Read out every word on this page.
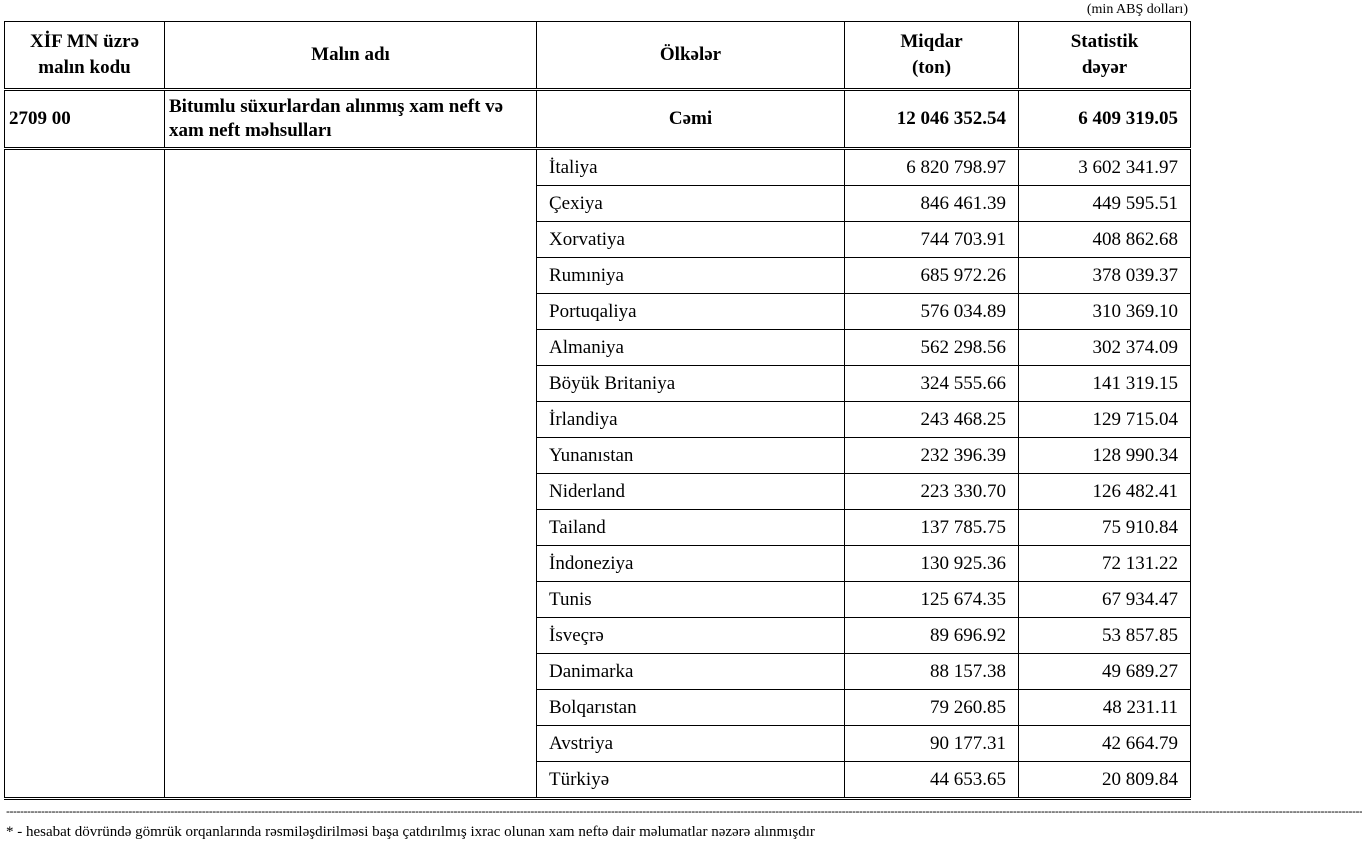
(min ABŞ dolları)
XİF MN üzrə malın kodu	Malın adı	Ölkələr	Miqdar (ton)	Statistik dəyər

2709 00	Bitumlu süxurlardan alınmış xam neft və xam neft məhsulları	Cəmi	12 046 352.54	6 409 319.05
		İtaliya	6 820 798.97	3 602 341.97
		Çexiya	846 461.39	449 595.51
		Xorvatiya	744 703.91	408 862.68
		Rumıniya	685 972.26	378 039.37
		Portuqaliya	576 034.89	310 369.10
		Almaniya	562 298.56	302 374.09
		Böyük Britaniya	324 555.66	141 319.15
		İrlandiya	243 468.25	129 715.04
		Yunanıstan	232 396.39	128 990.34
		Niderland	223 330.70	126 482.41
		Tailand	137 785.75	75 910.84
		İndoneziya	130 925.36	72 131.22
		Tunis	125 674.35	67 934.47
		İsveçrə	89 696.92	53 857.85
		Danimarka	88 157.38	49 689.27
		Bolqarıstan	79 260.85	48 231.11
		Avstriya	90 177.31	42 664.79
		Türkiyə	44 653.65	20 809.84
----------------------------------------------------------------------------------------------------------------------------------------------------------------------------------------------------------------------------------------------------------------------------------------------------------------------------------------------------------------------------------------------------
* - hesabat dövründə gömrük orqanlarında rəsmiləşdirilməsi başa çatdırılmış ixrac olunan xam neftə dair məlumatlar nəzərə alınmışdır
